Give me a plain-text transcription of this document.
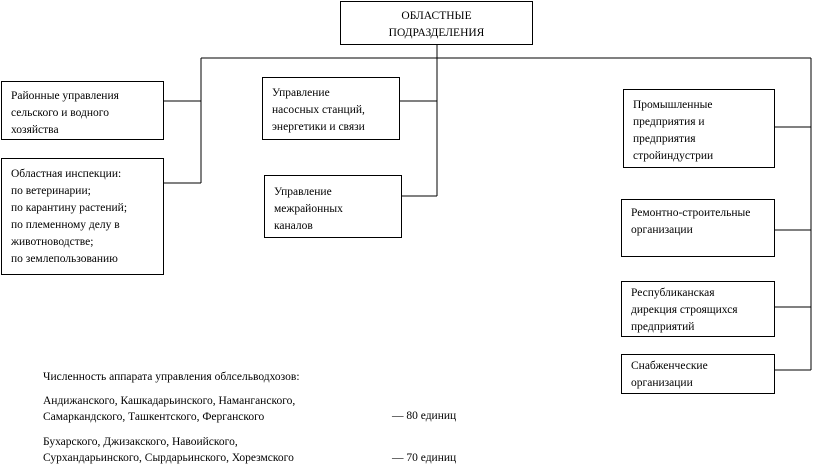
ОБЛАСТНЫЕ
ПОДРАЗДЕЛЕНИЯ
Районные управления
сельского и водного
хозяйства
Областная инспекции:
по ветеринарии;
по карантину растений;
по племенному делу в
животноводстве;
по землепользованию
Управление
насосных станций,
энергетики и связи
Управление
межрайонных
каналов
Промышленные
предприятия и
предприятия
стройиндустрии
Ремонтно-строительные
организации
Республиканская
дирекция строящихся
предприятий
Снабженческие
организации
Численность аппарата управления облсельводхозов:
Андижанского, Кашкадарьинского, Наманганского,
Самаркандского, Ташкентского, Ферганского	— 80 единиц
Бухарского, Джизакского, Навоийского,
Сурхандарьинского, Сырдарьинского, Хорезмского	— 70 единиц
